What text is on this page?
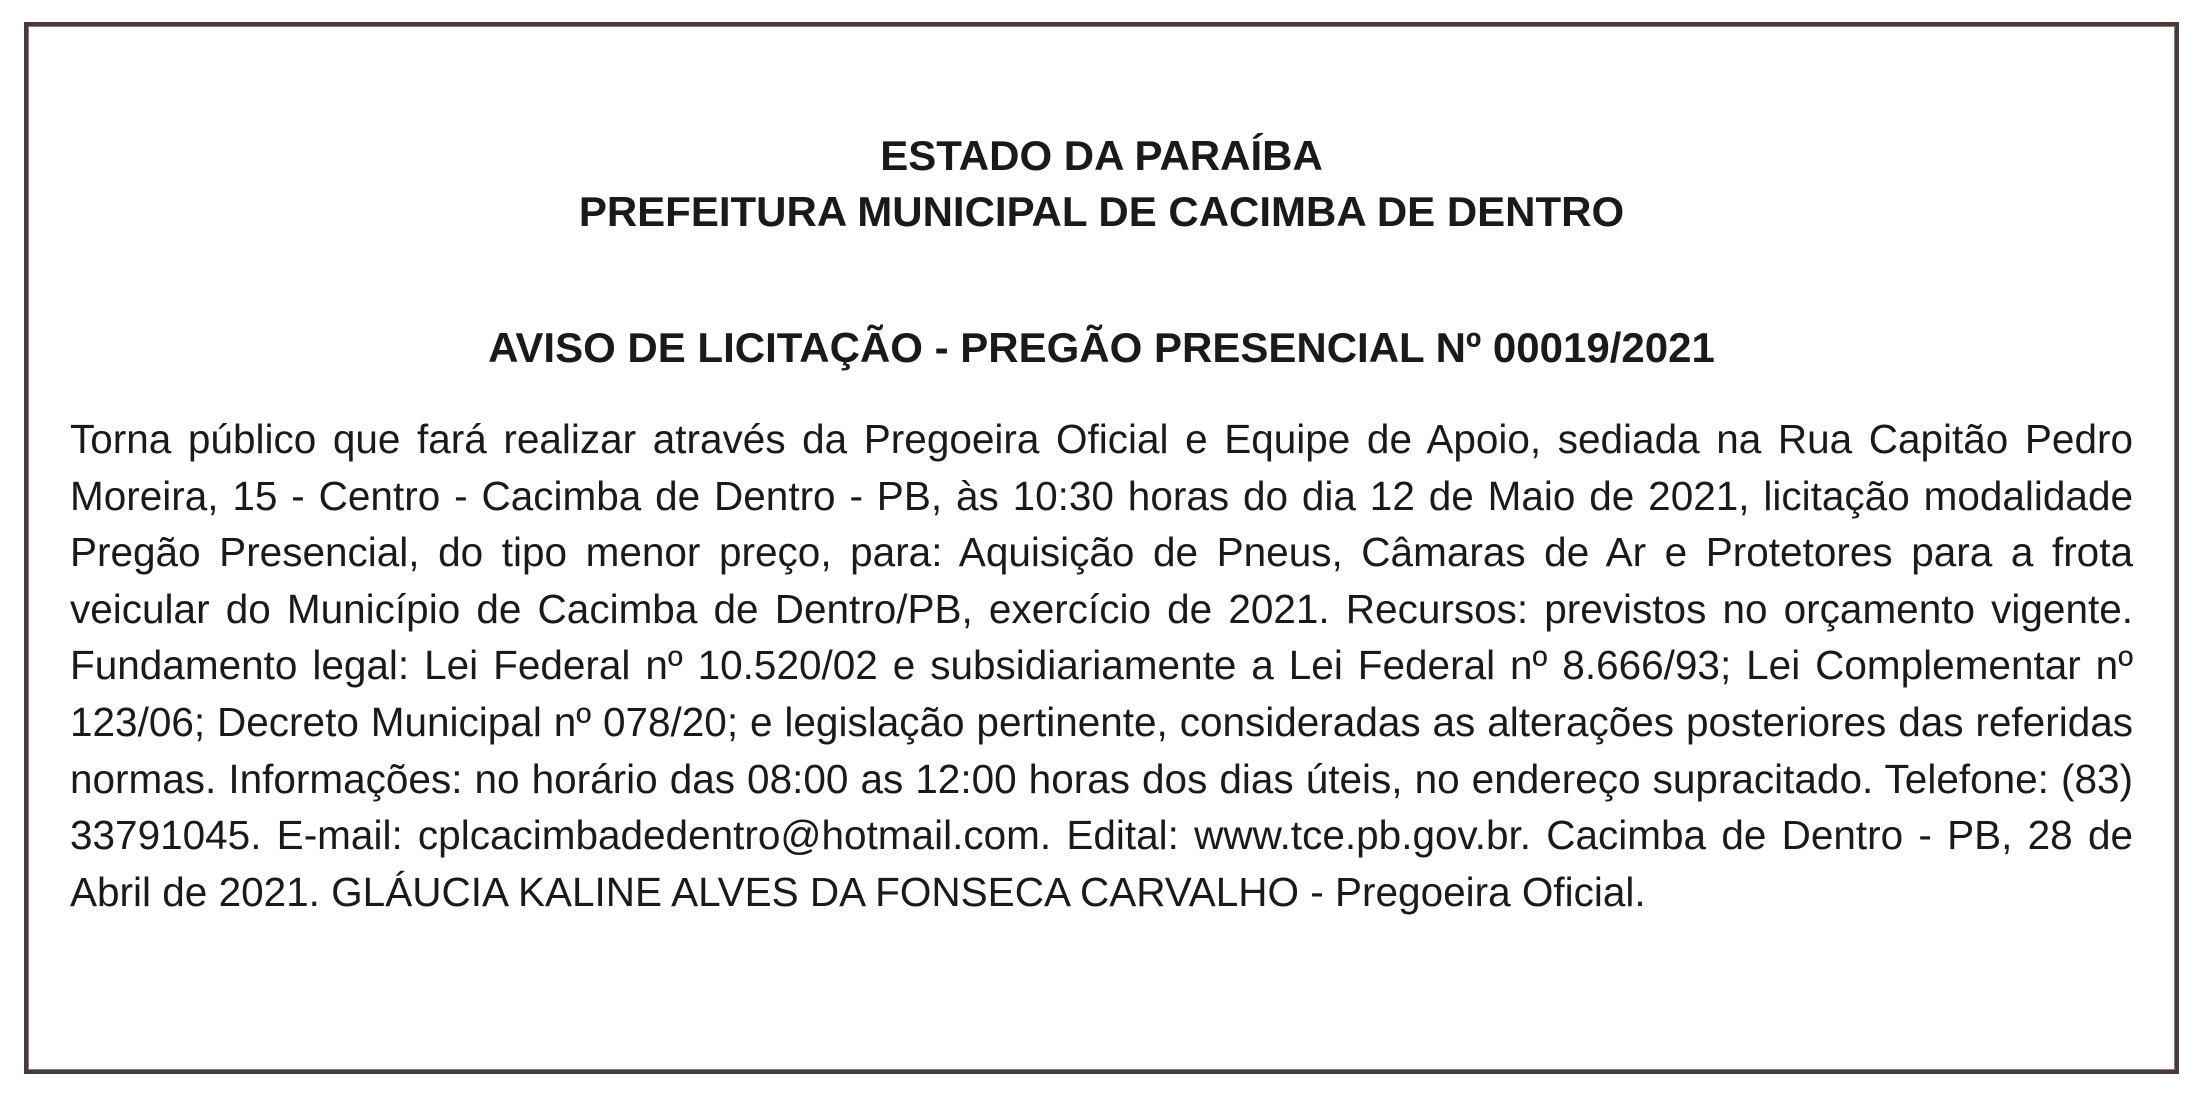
ESTADO DA PARAÍBA
PREFEITURA MUNICIPAL DE CACIMBA DE DENTRO
AVISO DE LICITAÇÃO - PREGÃO PRESENCIAL Nº 00019/2021
Torna público que fará realizar através da Pregoeira Oficial e Equipe de Apoio, sediada na Rua Capitão Pedro Moreira, 15 - Centro - Cacimba de Dentro - PB, às 10:30 horas do dia 12 de Maio de 2021, licitação modalidade Pregão Presencial, do tipo menor preço, para: Aquisição de Pneus, Câmaras de Ar e Protetores para a frota veicular do Município de Cacimba de Dentro/PB, exercício de 2021. Recursos: previstos no orçamento vigente. Fundamento legal: Lei Federal nº 10.520/02 e subsidiariamente a Lei Federal nº 8.666/93; Lei Complementar nº 123/06; Decreto Municipal nº 078/20; e legislação pertinente, consideradas as alterações posteriores das referidas normas. Informações: no horário das 08:00 as 12:00 horas dos dias úteis, no endereço supracitado. Telefone: (83) 33791045. E-mail: cplcacimbadedentro@hotmail.com. Edital: www.tce.pb.gov.br. Cacimba de Dentro - PB, 28 de Abril de 2021. GLÁUCIA KALINE ALVES DA FONSECA CARVALHO - Pregoeira Oficial.
